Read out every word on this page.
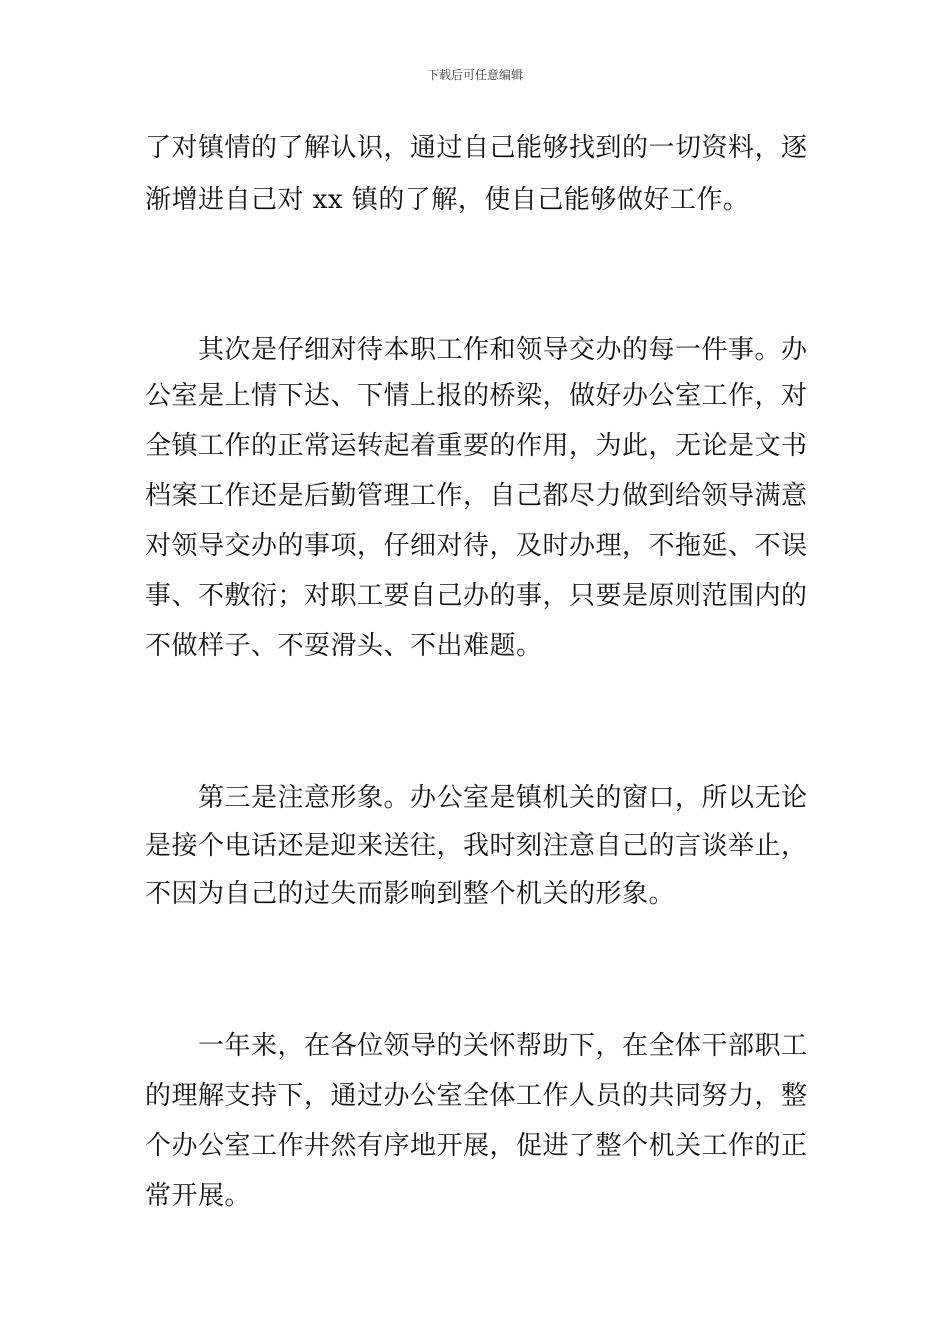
下载后可任意编辑
了对镇情的了解认识，通过自己能够找到的一切资料，逐
渐增进自己对 xx 镇的了解，使自己能够做好工作。
　　其次是仔细对待本职工作和领导交办的每一件事。办
公室是上情下达、下情上报的桥梁，做好办公室工作，对
全镇工作的正常运转起着重要的作用，为此，无论是文书
档案工作还是后勤管理工作，自己都尽力做到给领导满意
对领导交办的事项，仔细对待，及时办理，不拖延、不误
事、不敷衍；对职工要自己办的事，只要是原则范围内的
不做样子、不耍滑头、不出难题。
　　第三是注意形象。办公室是镇机关的窗口，所以无论
是接个电话还是迎来送往，我时刻注意自己的言谈举止，
不因为自己的过失而影响到整个机关的形象。
　　一年来，在各位领导的关怀帮助下，在全体干部职工
的理解支持下，通过办公室全体工作人员的共同努力，整
个办公室工作井然有序地开展，促进了整个机关工作的正
常开展。
